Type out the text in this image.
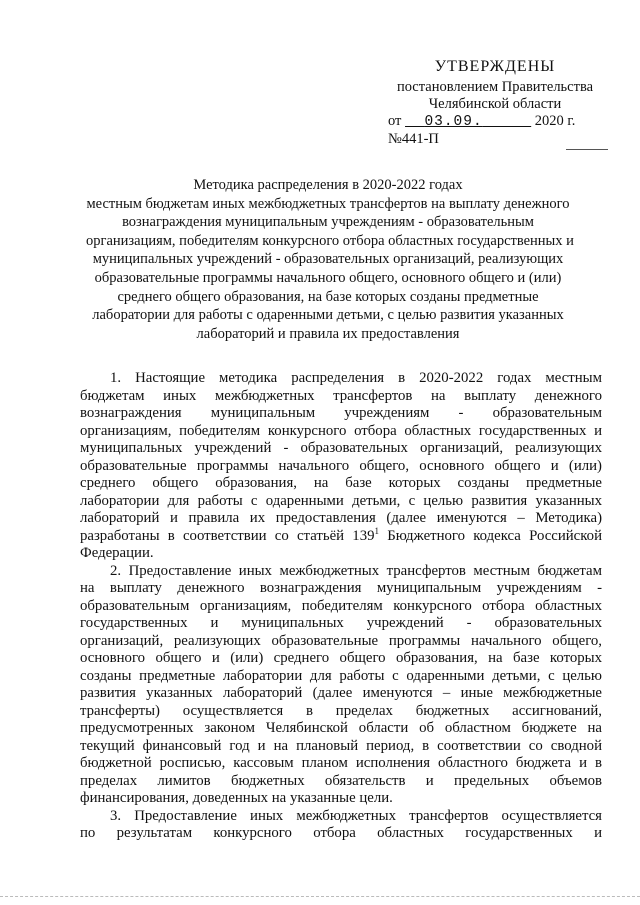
УТВЕРЖДЕНЫ
постановлением Правительства
Челябинской области
от 03.09.	2020 г. №441-П
Методика распределения в 2020-2022 годах
местным бюджетам иных межбюджетных трансфертов на выплату денежного
вознаграждения муниципальным учреждениям - образовательным
организациям, победителям конкурсного отбора областных государственных и
муниципальных учреждений - образовательных организаций, реализующих
образовательные программы начального общего, основного общего и (или)
среднего общего образования, на базе которых созданы предметные
лаборатории для работы с одаренными детьми, с целью развития указанных
лабораторий и правила их предоставления
1. Настоящие методика распределения в 2020-2022 годах местным
бюджетам иных межбюджетных трансфертов на выплату денежного
вознаграждения муниципальным учреждениям - образовательным
организациям, победителям конкурсного отбора областных государственных и
муниципальных учреждений - образовательных организаций, реализующих
образовательные программы начального общего, основного общего и (или)
среднего общего образования, на базе которых созданы предметные
лаборатории для работы с одаренными детьми, с целью развития указанных
лабораторий и правила их предоставления (далее именуются – Методика)
разработаны в соответствии со статьёй $139^1$ Бюджетного кодекса Российской
Федерации.
2. Предоставление иных межбюджетных трансфертов местным бюджетам
на выплату денежного вознаграждения муниципальным учреждениям -
образовательным организациям, победителям конкурсного отбора областных
государственных и муниципальных учреждений - образовательных
организаций, реализующих образовательные программы начального общего,
основного общего и (или) среднего общего образования, на базе которых
созданы предметные лаборатории для работы с одаренными детьми, с целью
развития указанных лабораторий (далее именуются – иные межбюджетные
трансферты) осуществляется в пределах бюджетных ассигнований,
предусмотренных законом Челябинской области об областном бюджете на
текущий финансовый год и на плановый период, в соответствии со сводной
бюджетной росписью, кассовым планом исполнения областного бюджета и в
пределах лимитов бюджетных обязательств и предельных объемов
финансирования, доведенных на указанные цели.
3. Предоставление иных межбюджетных трансфертов осуществляется
по результатам конкурсного отбора областных государственных и
